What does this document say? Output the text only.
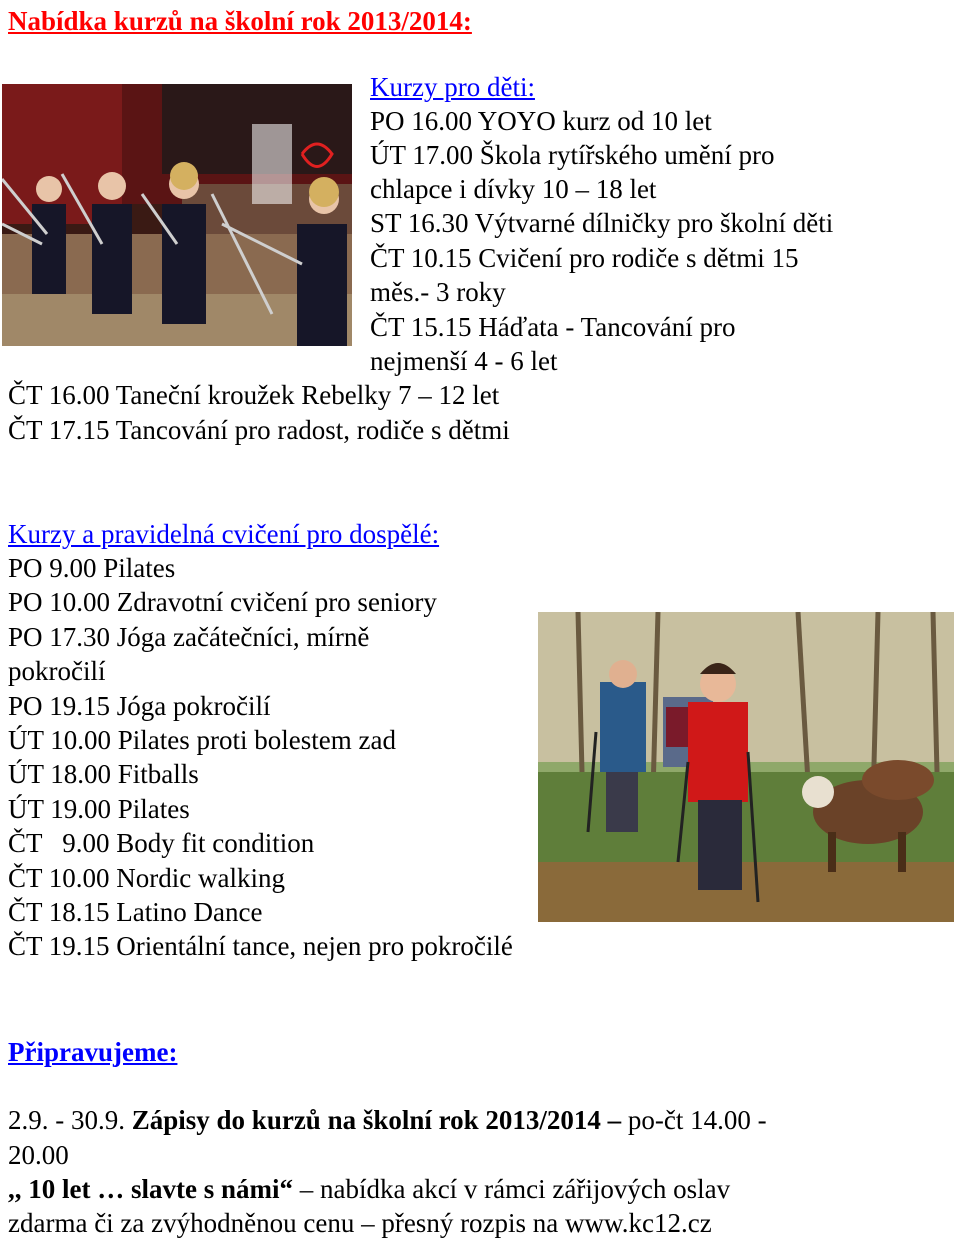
Nabídka kurzů na školní rok 2013/2014:
Kurzy pro děti:
PO 16.00 YOYO kurz od 10 let
ÚT 17.00 Škola rytířského umění pro
chlapce i dívky 10 – 18 let
ST 16.30 Výtvarné dílničky pro školní děti
ČT 10.15 Cvičení pro rodiče s dětmi 15
měs.- 3 roky
ČT 15.15 Háďata - Tancování pro
nejmenší 4 - 6 let
ČT 16.00 Taneční kroužek Rebelky 7 – 12 let
ČT 17.15 Tancování pro radost, rodiče s dětmi
Kurzy a pravidelná cvičení pro dospělé:
PO 9.00 Pilates
PO 10.00 Zdravotní cvičení pro seniory
PO 17.30 Jóga začátečníci, mírně
pokročilí
PO 19.15 Jóga pokročilí
ÚT 10.00 Pilates proti bolestem zad
ÚT 18.00 Fitballs
ÚT 19.00 Pilates
ČT   9.00 Body fit condition
ČT 10.00 Nordic walking
ČT 18.15 Latino Dance
ČT 19.15 Orientální tance, nejen pro pokročilé
Připravujeme:
2.9. - 30.9. Zápisy do kurzů na školní rok 2013/2014 – po-čt 14.00 -
20.00
,, 10 let … slavte s námi“ – nabídka akcí v rámci zářijových oslav
zdarma či za zvýhodněnou cenu – přesný rozpis na www.kc12.cz
